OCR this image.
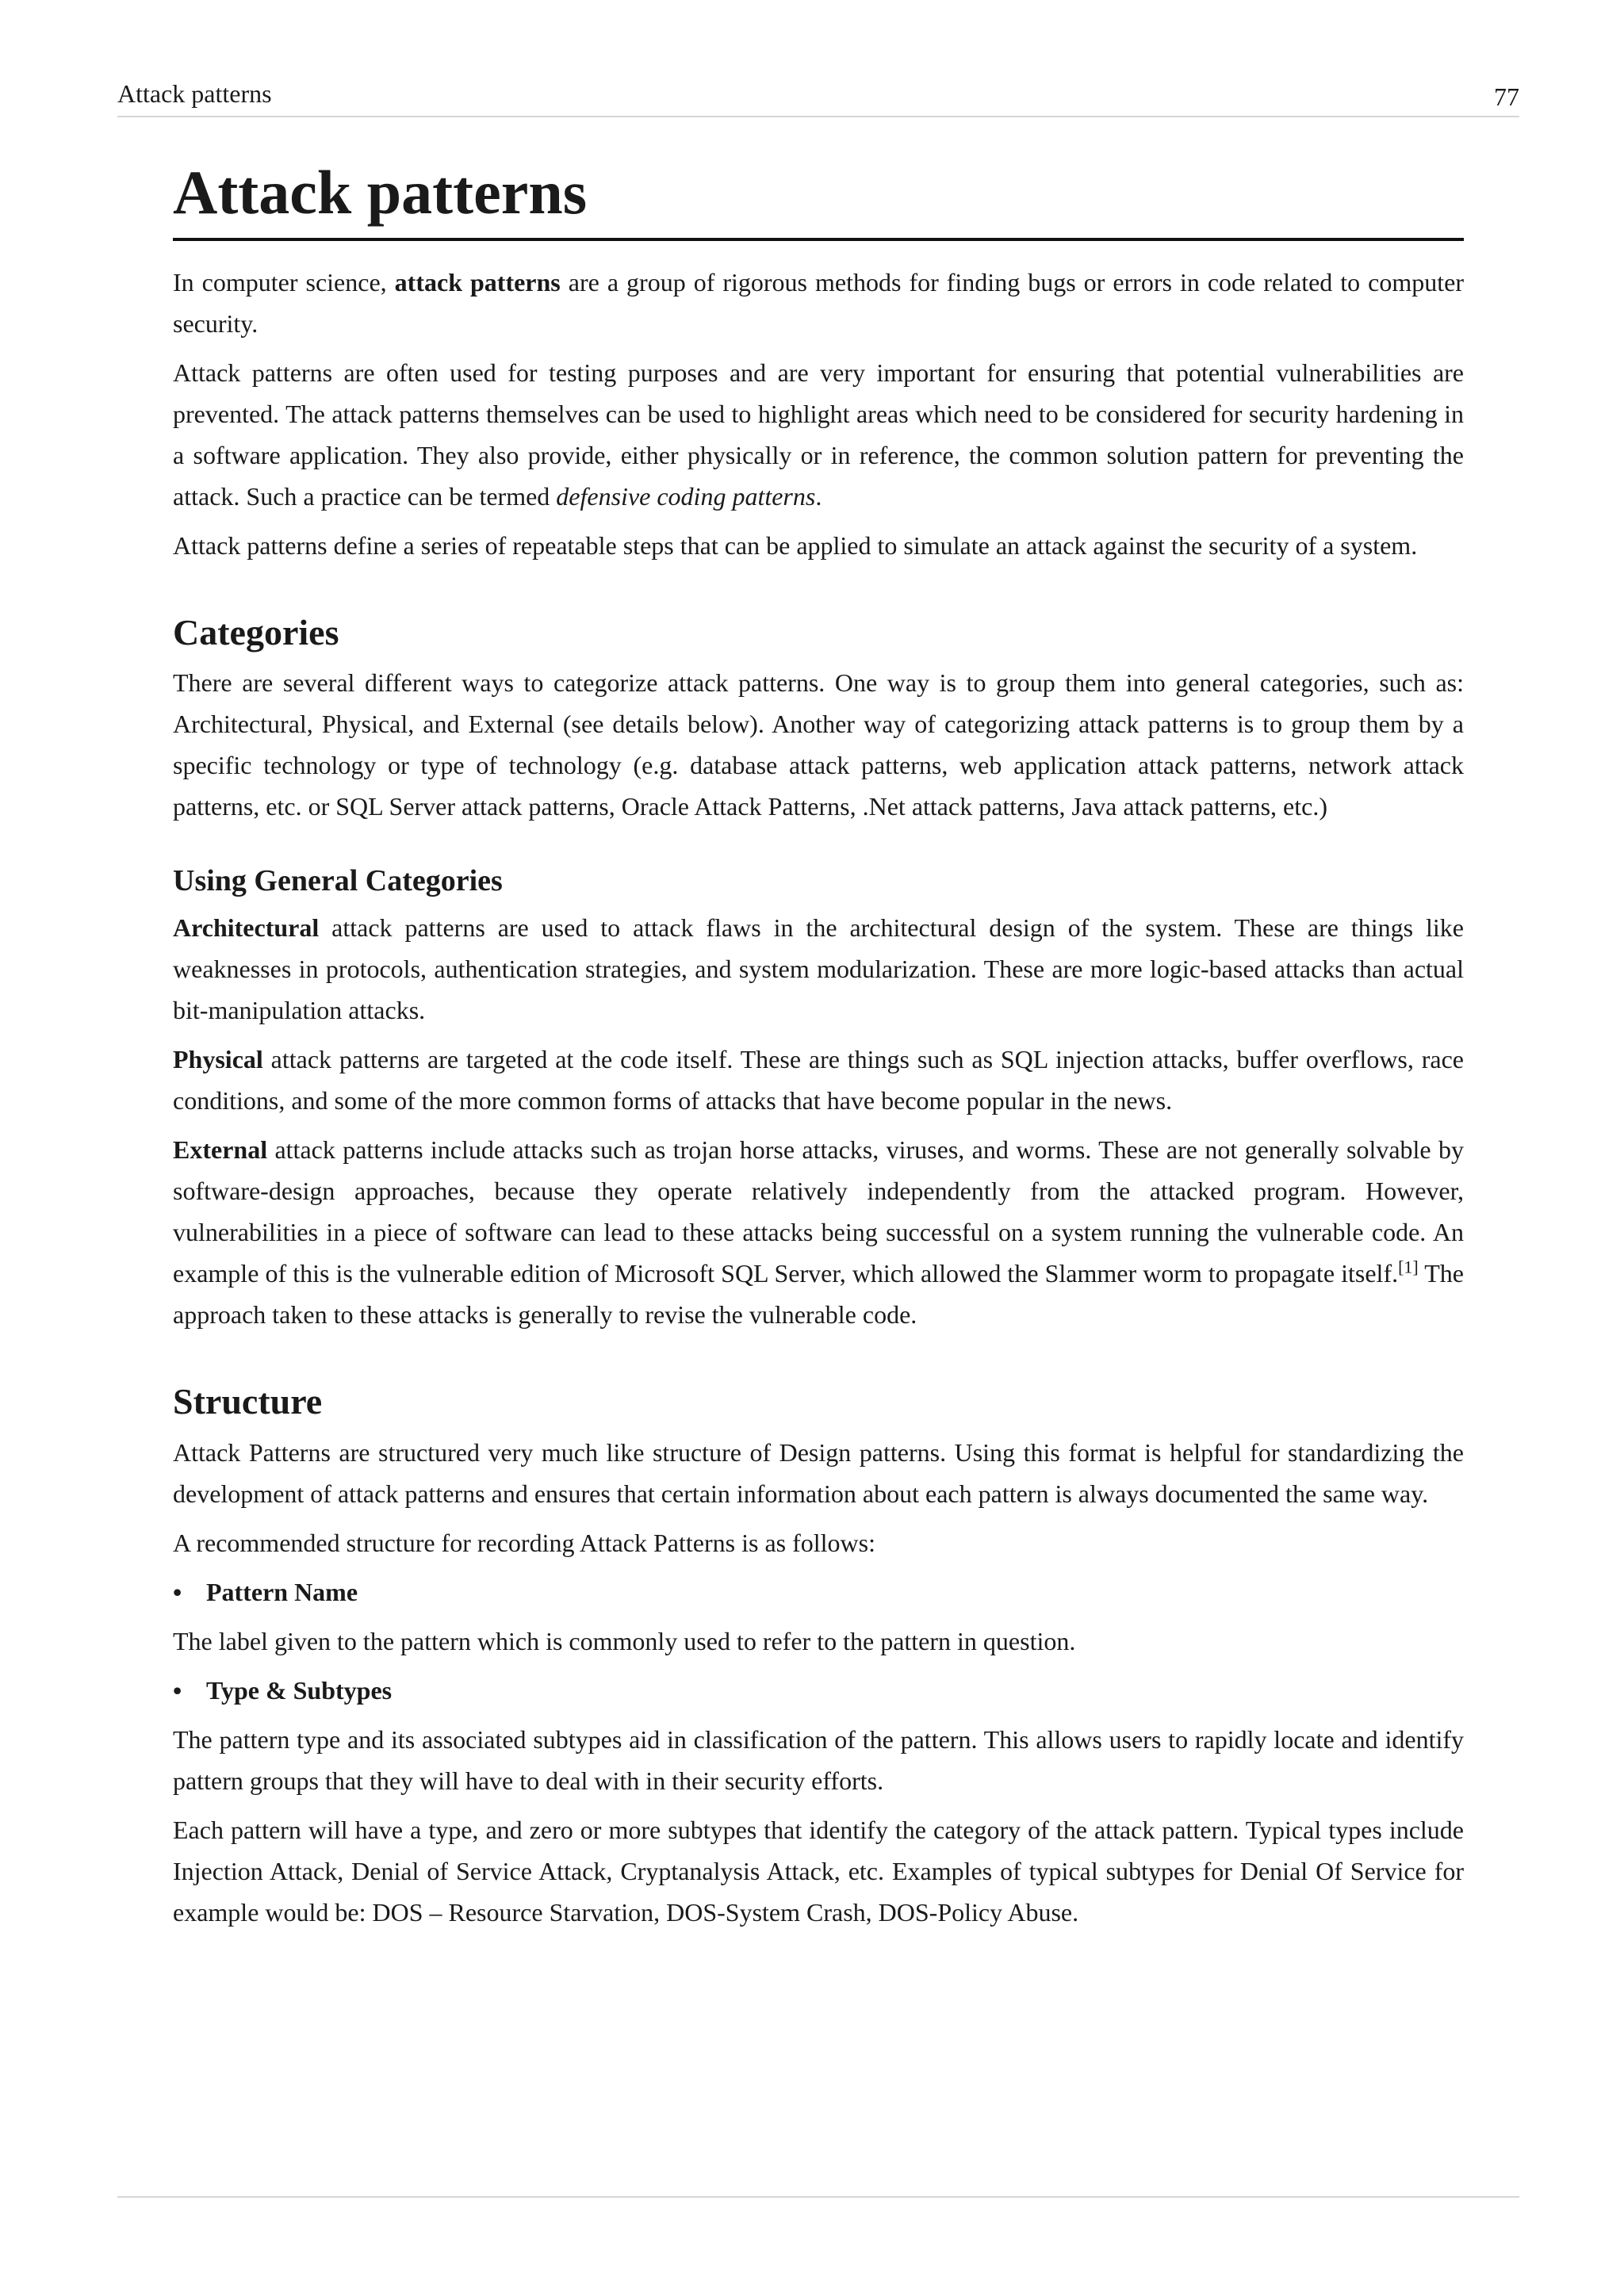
Attack patterns	77
Attack patterns

In computer science, attack patterns are a group of rigorous methods for finding bugs or errors in code related to computer security.

Attack patterns are often used for testing purposes and are very important for ensuring that potential vulnerabilities are prevented. The attack patterns themselves can be used to highlight areas which need to be considered for security hardening in a software application. They also provide, either physically or in reference, the common solution pattern for preventing the attack. Such a practice can be termed defensive coding patterns.

Attack patterns define a series of repeatable steps that can be applied to simulate an attack against the security of a system.

Categories

There are several different ways to categorize attack patterns. One way is to group them into general categories, such as: Architectural, Physical, and External (see details below). Another way of categorizing attack patterns is to group them by a specific technology or type of technology (e.g. database attack patterns, web application attack patterns, network attack patterns, etc. or SQL Server attack patterns, Oracle Attack Patterns, .Net attack patterns, Java attack patterns, etc.)

Using General Categories

Architectural attack patterns are used to attack flaws in the architectural design of the system. These are things like weaknesses in protocols, authentication strategies, and system modularization. These are more logic-based attacks than actual bit-manipulation attacks.

Physical attack patterns are targeted at the code itself. These are things such as SQL injection attacks, buffer overflows, race conditions, and some of the more common forms of attacks that have become popular in the news.

External attack patterns include attacks such as trojan horse attacks, viruses, and worms. These are not generally solvable by software-design approaches, because they operate relatively independently from the attacked program. However, vulnerabilities in a piece of software can lead to these attacks being successful on a system running the vulnerable code. An example of this is the vulnerable edition of Microsoft SQL Server, which allowed the Slammer worm to propagate itself.[1] The approach taken to these attacks is generally to revise the vulnerable code.

Structure

Attack Patterns are structured very much like structure of Design patterns. Using this format is helpful for standardizing the development of attack patterns and ensures that certain information about each pattern is always documented the same way.

A recommended structure for recording Attack Patterns is as follows:

• Pattern Name

The label given to the pattern which is commonly used to refer to the pattern in question.

• Type & Subtypes

The pattern type and its associated subtypes aid in classification of the pattern. This allows users to rapidly locate and identify pattern groups that they will have to deal with in their security efforts.

Each pattern will have a type, and zero or more subtypes that identify the category of the attack pattern. Typical types include Injection Attack, Denial of Service Attack, Cryptanalysis Attack, etc. Examples of typical subtypes for Denial Of Service for example would be: DOS – Resource Starvation, DOS-System Crash, DOS-Policy Abuse.
